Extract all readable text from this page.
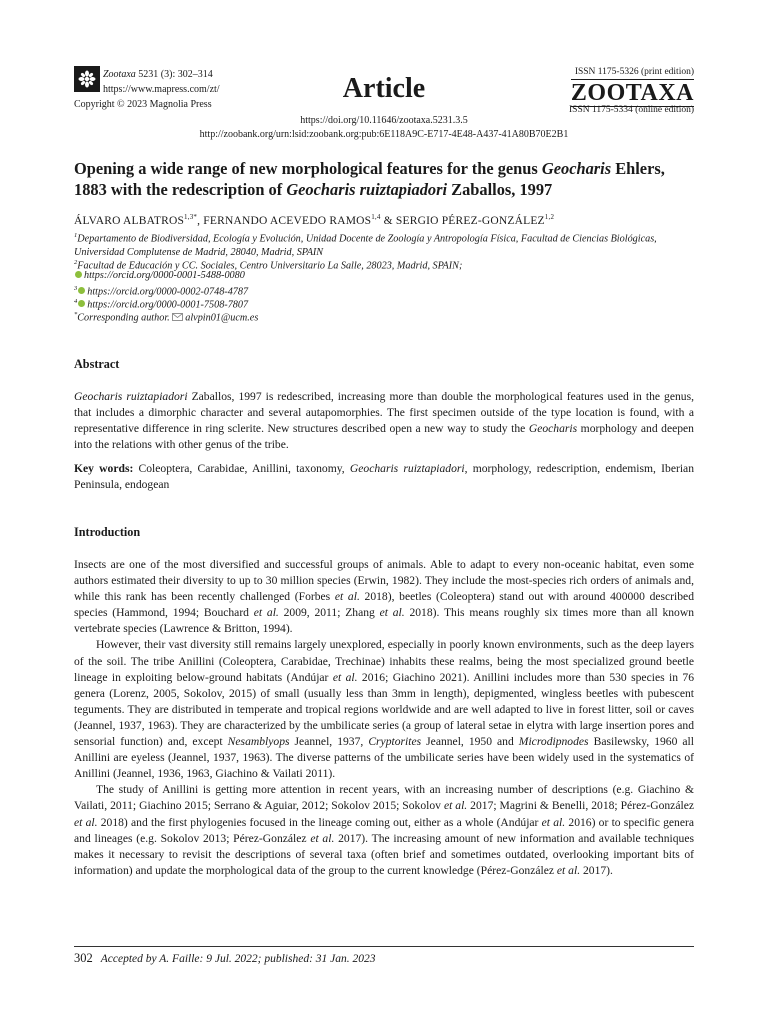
Zootaxa 5231 (3): 302–314
https://www.mapress.com/zt/
Copyright © 2023 Magnolia Press
Article
ISSN 1175-5326 (print edition)
ZOOTAXA
ISSN 1175-5334 (online edition)
https://doi.org/10.11646/zootaxa.5231.3.5
http://zoobank.org/urn:lsid:zoobank.org:pub:6E118A9C-E717-4E48-A437-41A80B70E2B1
Opening a wide range of new morphological features for the genus Geocharis Ehlers, 1883 with the redescription of Geocharis ruiztapiadori Zaballos, 1997
ÁLVARO $ALBATROS^{1,3*}$, FERNANDO ACEVEDO RAMOS$^{1,4}$ & SERGIO PÉREZ-GONZÁLEZ$^{1,2}$
$^1$Departamento de Biodiversidad, Ecología y Evolución, Unidad Docente de Zoología y Antropología Física, Facultad de Ciencias Biológicas, Universidad Complutense de Madrid, 28040, Madrid, SPAIN
$^2$Facultad de Educación y CC. Sociales, Centro Universitario La Salle, 28023, Madrid, SPAIN;
https://orcid.org/0000-0001-5488-0080
$^3$ https://orcid.org/0000-0002-0748-4787
$^4$ https://orcid.org/0000-0001-7508-7807
*Corresponding author. alvpin01@ucm.es
Abstract
Geocharis ruiztapiadori Zaballos, 1997 is redescribed, increasing more than double the morphological features used in the genus, that includes a dimorphic character and several autapomorphies. The first specimen outside of the type location is found, with a representative difference in ring sclerite. New structures described open a new way to study the Geocharis morphology and deepen into the relations with other genus of the tribe.
Key words: Coleoptera, Carabidae, Anillini, taxonomy, Geocharis ruiztapiadori, morphology, redescription, endemism, Iberian Peninsula, endogean
Introduction
Insects are one of the most diversified and successful groups of animals. Able to adapt to every non-oceanic habitat, even some authors estimated their diversity to up to 30 million species (Erwin, 1982). They include the most-species rich orders of animals and, while this rank has been recently challenged (Forbes et al. 2018), beetles (Coleoptera) stand out with around 400000 described species (Hammond, 1994; Bouchard et al. 2009, 2011; Zhang et al. 2018). This means roughly six times more than all known vertebrate species (Lawrence & Britton, 1994).
However, their vast diversity still remains largely unexplored, especially in poorly known environments, such as the deep layers of the soil. The tribe Anillini (Coleoptera, Carabidae, Trechinae) inhabits these realms, being the most specialized ground beetle lineage in exploiting below-ground habitats (Andújar et al. 2016; Giachino 2021). Anillini includes more than 530 species in 76 genera (Lorenz, 2005, Sokolov, 2015) of small (usually less than 3mm in length), depigmented, wingless beetles with pubescent teguments. They are distributed in temperate and tropical regions worldwide and are well adapted to live in forest litter, soil or caves (Jeannel, 1937, 1963). They are characterized by the umbilicate series (a group of lateral setae in elytra with large insertion pores and sensorial function) and, except Nesamblyops Jeannel, 1937, Cryptorites Jeannel, 1950 and Microdipnodes Basilewsky, 1960 all Anillini are eyeless (Jeannel, 1937, 1963). The diverse patterns of the umbilicate series have been widely used in the systematics of Anillini (Jeannel, 1936, 1963, Giachino & Vailati 2011).
The study of Anillini is getting more attention in recent years, with an increasing number of descriptions (e.g. Giachino & Vailati, 2011; Giachino 2015; Serrano & Aguiar, 2012; Sokolov 2015; Sokolov et al. 2017; Magrini & Benelli, 2018; Pérez-González et al. 2018) and the first phylogenies focused in the lineage coming out, either as a whole (Andújar et al. 2016) or to specific genera and lineages (e.g. Sokolov 2013; Pérez-González et al. 2017). The increasing amount of new information and available techniques makes it necessary to revisit the descriptions of several taxa (often brief and sometimes outdated, overlooking important bits of information) and update the morphological data of the group to the current knowledge (Pérez-González et al. 2017).
302 Accepted by A. Faille: 9 Jul. 2022; published: 31 Jan. 2023
